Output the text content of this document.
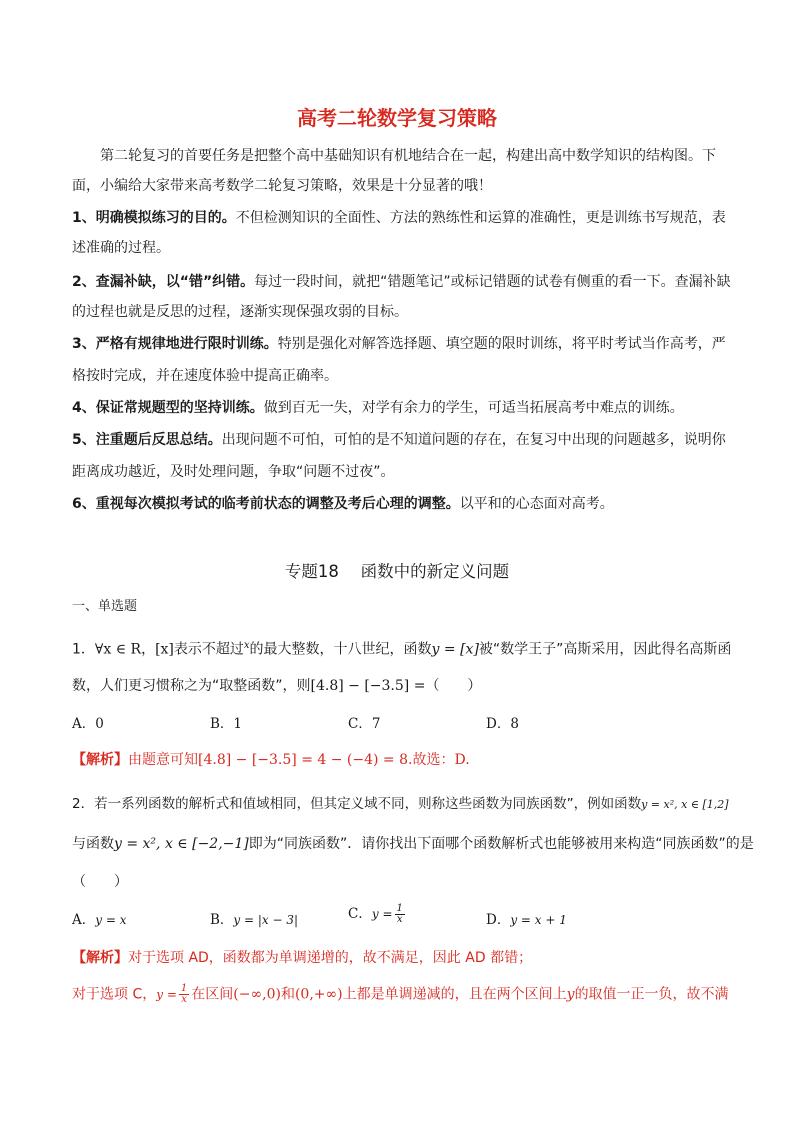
高考二轮数学复习策略
第二轮复习的首要任务是把整个高中基础知识有机地结合在一起，构建出高中数学知识的结构图。下
面，小编给大家带来高考数学二轮复习策略，效果是十分显著的哦！
1、明确模拟练习的目的。不但检测知识的全面性、方法的熟练性和运算的准确性，更是训练书写规范，表
述准确的过程。
2、查漏补缺，以“错”纠错。每过一段时间，就把“错题笔记”或标记错题的试卷有侧重的看一下。查漏补缺
的过程也就是反思的过程，逐渐实现保强攻弱的目标。
3、严格有规律地进行限时训练。特别是强化对解答选择题、填空题的限时训练，将平时考试当作高考，严
格按时完成，并在速度体验中提高正确率。
4、保证常规题型的坚持训练。做到百无一失，对学有余力的学生，可适当拓展高考中难点的训练。
5、注重题后反思总结。出现问题不可怕，可怕的是不知道问题的存在，在复习中出现的问题越多，说明你
距离成功越近，及时处理问题，争取“问题不过夜”。
6、重视每次模拟考试的临考前状态的调整及考后心理的调整。以平和的心态面对高考。
专题18　 函数中的新定义问题
一、单选题
1．∀x ∈ R，[x]表示不超过$^x$的最大整数，十八世纪，函数y = [x]被“数学王子”高斯采用，因此得名高斯函
数，人们更习惯称之为“取整函数”，则[4.8] − [−3.5] =（　　）
A．0	B．1	C．7	D．8
【解析】由题意可知[4.8] − [−3.5] = 4 − (−4) = 8.故选：D.
2．若一系列函数的解析式和值域相同，但其定义域不同，则称这些函数为同族函数”，例如函数y = x², x ∈ [1,2]
与函数y = x², x ∈ [−2,−1]即为“同族函数”．请你找出下面哪个函数解析式也能够被用来构造“同族函数”的是
（　　）
A．y = x	B．y = |x − 3|	C．$y = \frac{1}{x}$	D．y = x + 1
【解析】对于选项 AD，函数都为单调递增的，故不满足，因此 AD 都错；
对于选项 C，$y = \frac{1}{x}$ 在区间(−∞,0)和(0,+∞)上都是单调递减的，且在两个区间上y的取值一正一负，故不满
